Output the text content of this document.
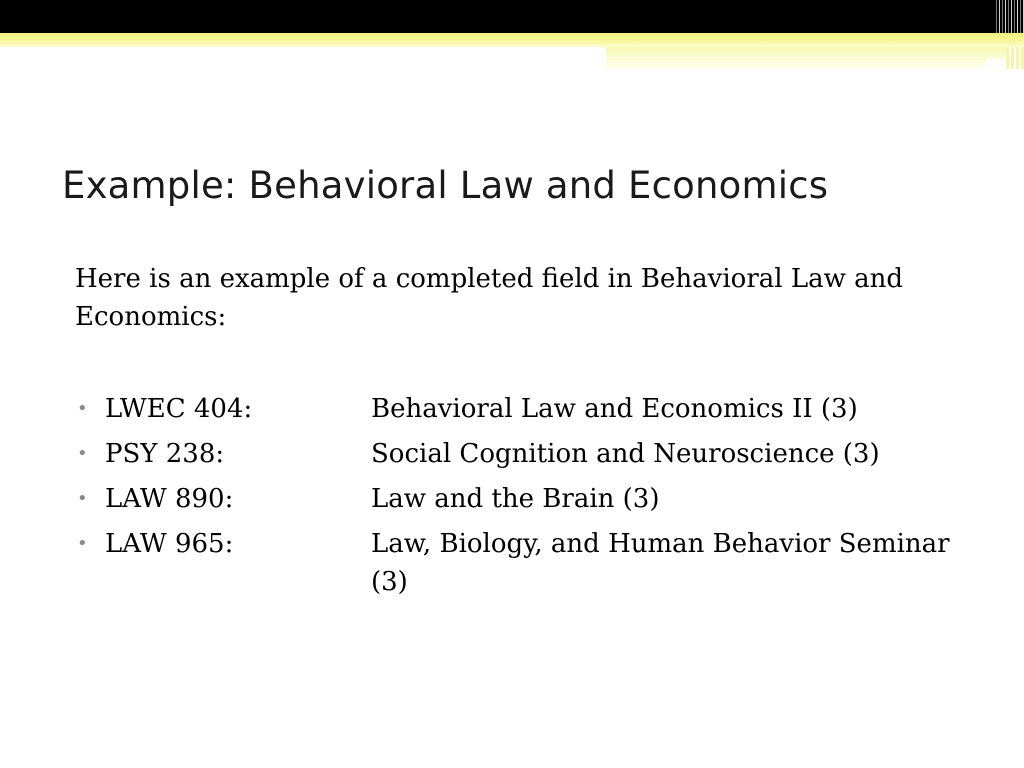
Example: Behavioral Law and Economics
Here is an example of a completed field in Behavioral Law and Economics:
• LWEC 404:	Behavioral Law and Economics II (3)
• PSY 238:	Social Cognition and Neuroscience (3)
• LAW 890:	Law and the Brain (3)
• LAW 965:	Law, Biology, and Human Behavior Seminar (3)
